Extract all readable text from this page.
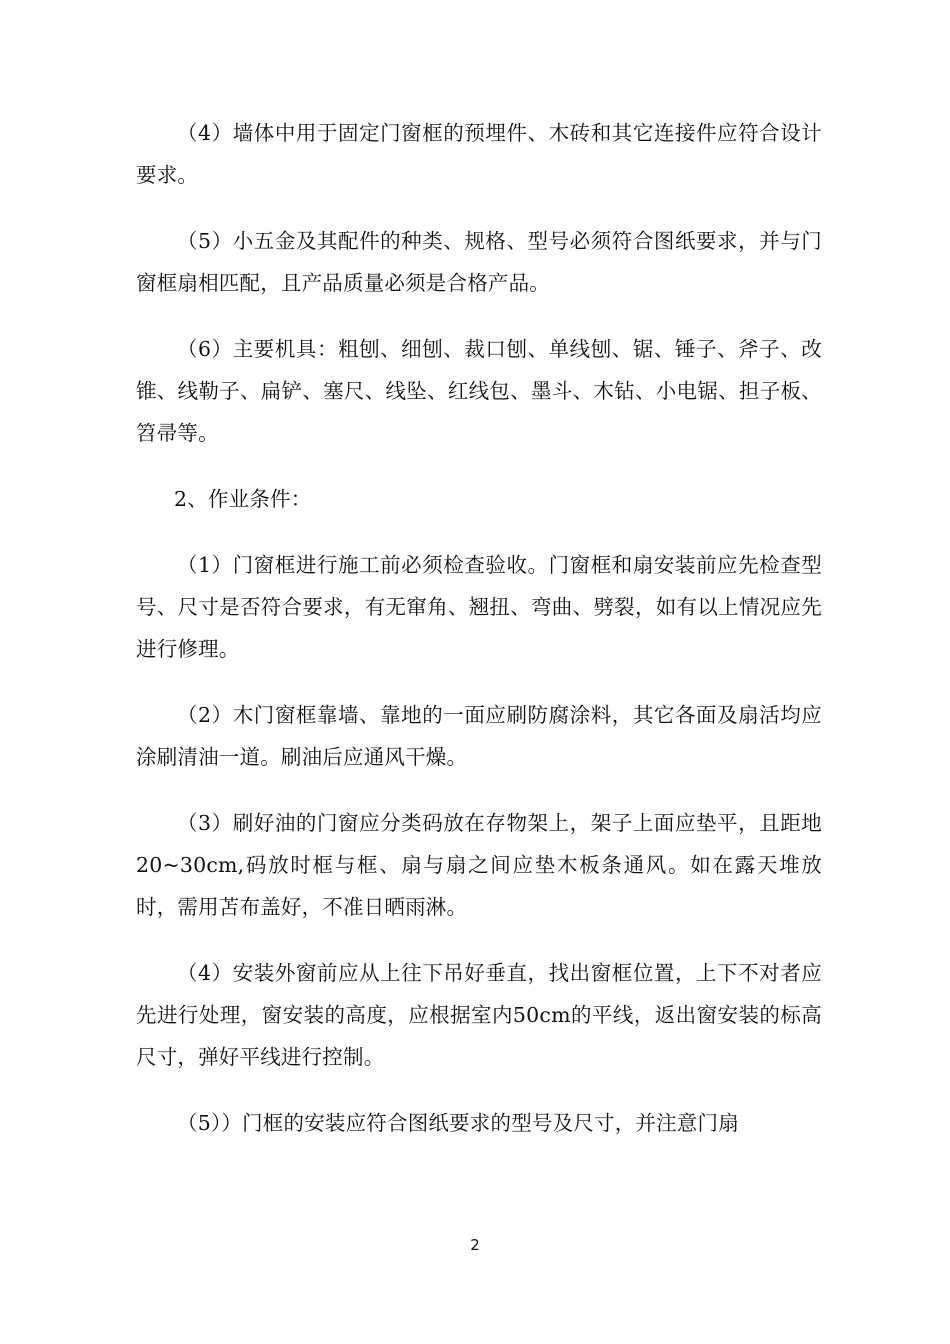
（4）墙体中用于固定门窗框的预埋件、木砖和其它连接件应符合设计要求。

（5）小五金及其配件的种类、规格、型号必须符合图纸要求，并与门窗框扇相匹配，且产品质量必须是合格产品。

（6）主要机具：粗刨、细刨、裁口刨、单线刨、锯、锤子、斧子、改锥、线勒子、扁铲、塞尺、线坠、红线包、墨斗、木钻、小电锯、担子板、笤帚等。

2、作业条件：

（1）门窗框进行施工前必须检查验收。门窗框和扇安装前应先检查型号、尺寸是否符合要求，有无窜角、翘扭、弯曲、劈裂，如有以上情况应先进行修理。

（2）木门窗框靠墙、靠地的一面应刷防腐涂料，其它各面及扇活均应涂刷清油一道。刷油后应通风干燥。

（3）刷好油的门窗应分类码放在存物架上，架子上面应垫平，且距地20~30cm,码放时框与框、扇与扇之间应垫木板条通风。如在露天堆放时，需用苫布盖好，不准日晒雨淋。

（4）安装外窗前应从上往下吊好垂直，找出窗框位置，上下不对者应先进行处理，窗安装的高度，应根据室内50cm的平线，返出窗安装的标高尺寸，弹好平线进行控制。

（5））门框的安装应符合图纸要求的型号及尺寸，并注意门扇

2
